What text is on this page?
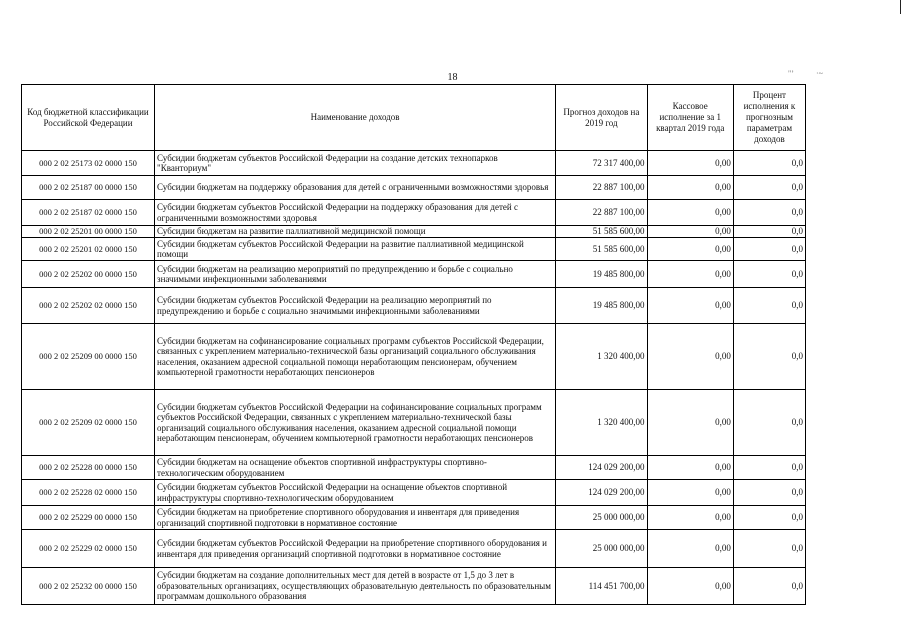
"’	·~
18
Код бюджетной классификации Российской Федерации	Наименование доходов	Прогноз доходов на 2019 год	Кассовое исполнение за 1 квартал 2019 года	Процент исполнения к прогнозным параметрам доходов
000 2 02 25173 02 0000 150	Субсидии бюджетам субъектов Российской Федерации на создание детских технопарков "Кванториум"	72 317 400,00	0,00	0,0
000 2 02 25187 00 0000 150	Субсидии бюджетам на поддержку образования для детей с ограниченными возможностями здоровья	22 887 100,00	0,00	0,0
000 2 02 25187 02 0000 150	Субсидии бюджетам субъектов Российской Федерации на поддержку образования для детей с ограниченными возможностями здоровья	22 887 100,00	0,00	0,0
000 2 02 25201 00 0000 150	Субсидии бюджетам на развитие паллиативной медицинской помощи	51 585 600,00	0,00	0,0
000 2 02 25201 02 0000 150	Субсидии бюджетам субъектов Российской Федерации на развитие паллиативной медицинской помощи	51 585 600,00	0,00	0,0
000 2 02 25202 00 0000 150	Субсидии бюджетам на реализацию мероприятий по предупреждению и борьбе с социально значимыми инфекционными заболеваниями	19 485 800,00	0,00	0,0
000 2 02 25202 02 0000 150	Субсидии бюджетам субъектов Российской Федерации на реализацию мероприятий по предупреждению и борьбе с социально значимыми инфекционными заболеваниями	19 485 800,00	0,00	0,0
000 2 02 25209 00 0000 150	Субсидии бюджетам на софинансирование социальных программ субъектов Российской Федерации, связанных с укреплением материально-технической базы организаций социального обслуживания населения, оказанием адресной социальной помощи неработающим пенсионерам, обучением компьютерной грамотности неработающих пенсионеров	1 320 400,00	0,00	0,0
000 2 02 25209 02 0000 150	Субсидии бюджетам субъектов Российской Федерации на софинансирование социальных программ субъектов Российской Федерации, связанных с укреплением материально-технической базы организаций социального обслуживания населения, оказанием адресной социальной помощи неработающим пенсионерам, обучением компьютерной грамотности неработающих пенсионеров	1 320 400,00	0,00	0,0
000 2 02 25228 00 0000 150	Субсидии бюджетам на оснащение объектов спортивной инфраструктуры спортивно-технологическим оборудованием	124 029 200,00	0,00	0,0
000 2 02 25228 02 0000 150	Субсидии бюджетам субъектов Российской Федерации на оснащение объектов спортивной инфраструктуры спортивно-технологическим оборудованием	124 029 200,00	0,00	0,0
000 2 02 25229 00 0000 150	Субсидии бюджетам на приобретение спортивного оборудования и инвентаря для приведения организаций спортивной подготовки в нормативное состояние	25 000 000,00	0,00	0,0
000 2 02 25229 02 0000 150	Субсидии бюджетам субъектов Российской Федерации на приобретение спортивного оборудования и инвентаря для приведения организаций спортивной подготовки в нормативное состояние	25 000 000,00	0,00	0,0
000 2 02 25232 00 0000 150	Субсидии бюджетам на создание дополнительных мест для детей в возрасте от 1,5 до 3 лет в образовательных организациях, осуществляющих образовательную деятельность по образовательным программам дошкольного образования	114 451 700,00	0,00	0,0
